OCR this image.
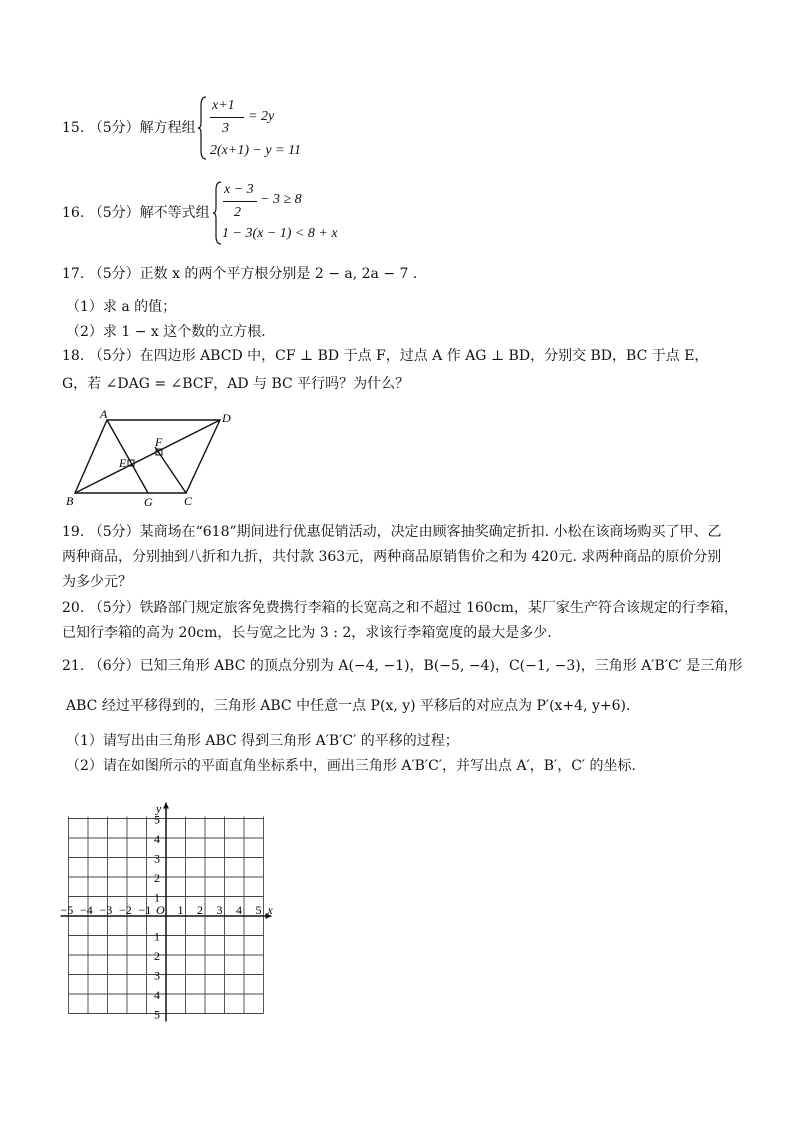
15. （5分）解方程组
x+1
3
= 2y
2(x+1) − y = 11
16. （5分）解不等式组
x − 3
2
− 3 ≥ 8
1 − 3(x − 1) < 8 + x
17. （5分）正数 x 的两个平方根分别是 2 − a, 2a − 7 .
（1）求 a 的值；
（2）求 1 − x 这个数的立方根.
18. （5分）在四边形 ABCD 中，CF ⊥ BD 于点 F，过点 A 作 AG ⊥ BD，分别交 BD，BC 于点 E，
G，若 ∠DAG = ∠BCF，AD 与 BC 平行吗？为什么？
A	D
F
E
B	G	C
19. （5分）某商场在“618”期间进行优惠促销活动，决定由顾客抽奖确定折扣. 小松在该商场购买了甲、乙
两种商品，分别抽到八折和九折，共付款 363元，两种商品原销售价之和为 420元. 求两种商品的原价分别
为多少元？
20. （5分）铁路部门规定旅客免费携行李箱的长宽高之和不超过 160cm，某厂家生产符合该规定的行李箱，
已知行李箱的高为 20cm，长与宽之比为 3 : 2，求该行李箱宽度的最大是多少.
21. （6分）已知三角形 ABC 的顶点分别为 A(−4, −1)，B(−5, −4)，C(−1, −3)，三角形 A′B′C′ 是三角形
ABC 经过平移得到的，三角形 ABC 中任意一点 P(x, y) 平移后的对应点为 P′(x+4, y+6).
（1）请写出由三角形 ABC 得到三角形 A′B′C′ 的平移的过程；
（2）请在如图所示的平面直角坐标系中，画出三角形 A′B′C′，并写出点 A′，B′，C′ 的坐标.
x
y
O
−5 −4 −3 −2 −1 1 2 3 4 5
5
4
3
2
1
1
2
3
4
5
